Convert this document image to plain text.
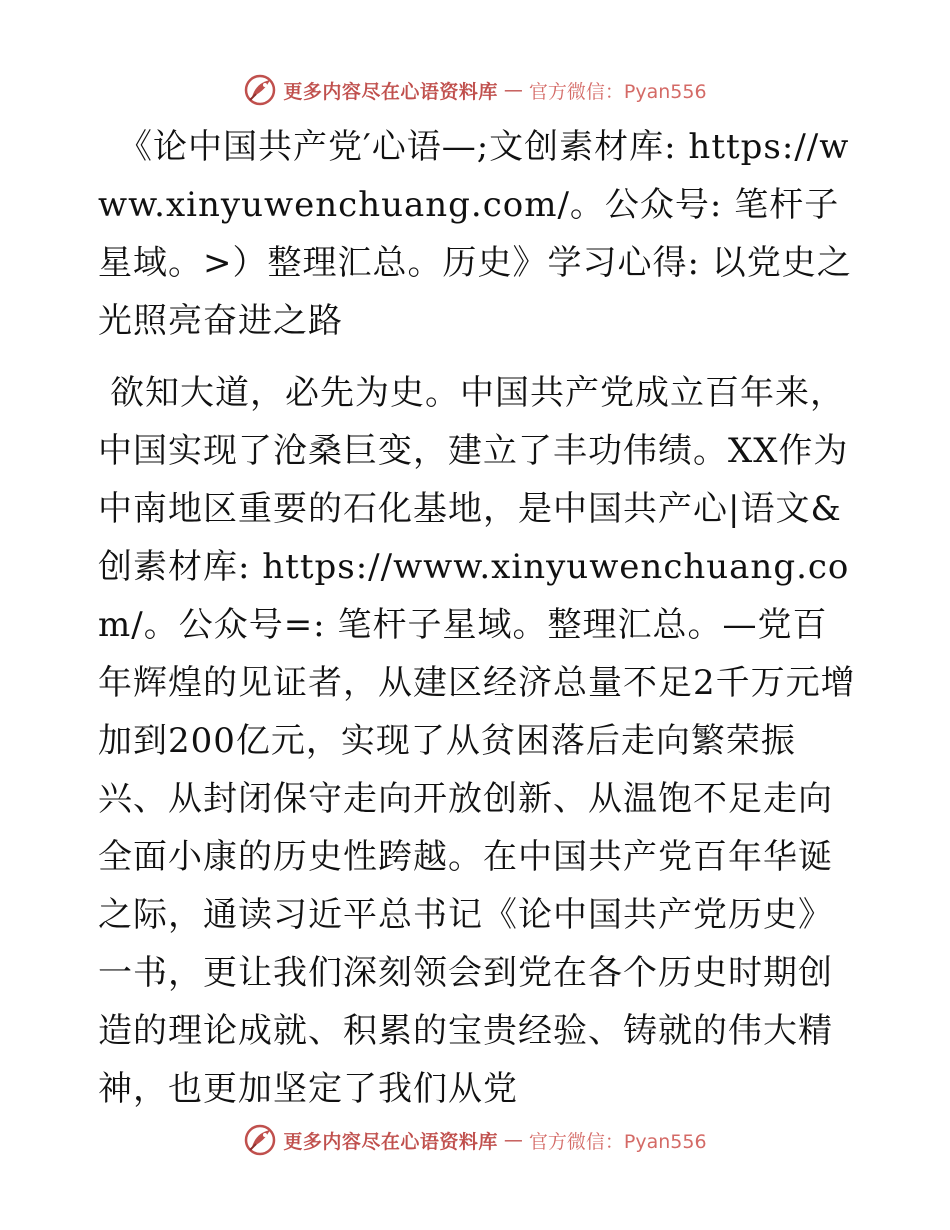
更多内容尽在心语资料库 — 官方微信：Pyan556

《论中国共产党′心语—;文创素材库: https://www.xinyuwenchuang.com/。公众号: 笔杆子星域。>）整理汇总。历史》学习心得: 以党史之光照亮奋进之路

欲知大道，必先为史。中国共产党成立百年来，中国实现了沧桑巨变，建立了丰功伟绩。XX作为中南地区重要的石化基地，是中国共产心|语文&创素材库: https://www.xinyuwenchuang.com/。公众号=: 笔杆子星域。整理汇总。—党百年辉煌的见证者，从建区经济总量不足2千万元增加到200亿元，实现了从贫困落后走向繁荣振兴、从封闭保守走向开放创新、从温饱不足走向全面小康的历史性跨越。在中国共产党百年华诞之际，通读习近平总书记《论中国共产党历史》一书，更让我们深刻领会到党在各个历史时期创造的理论成就、积累的宝贵经验、铸就的伟大精神，也更加坚定了我们从党

更多内容尽在心语资料库 — 官方微信：Pyan556
